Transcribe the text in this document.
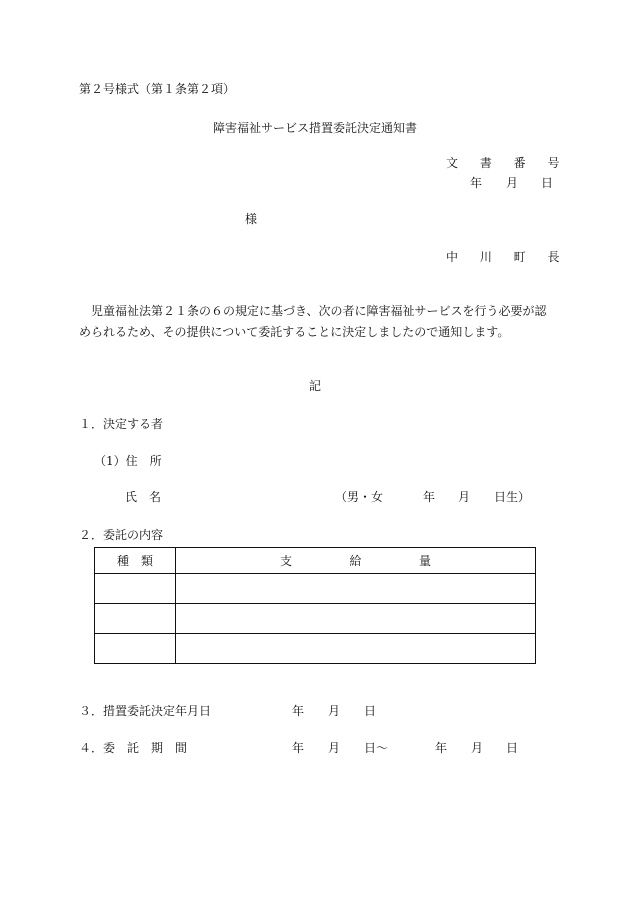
第２号様式（第１条第２項）
障害福祉サービス措置委託決定通知書
文 書 番 号
年 月 日
様
中 川 町 長
児童福祉法第２１条の６の規定に基づき、次の者に障害福祉サービスを行う必要が認められるため、その提供について委託することに決定しましたので通知します。
記
１．決定する者
（1）住　所
氏　名	（男・女	年 月 日生）
２．委託の内容
種 類	支 給 量

３．措置委託決定年月日	年 月 日
４．委　託　期　間	年 月 日～	年 月 日
